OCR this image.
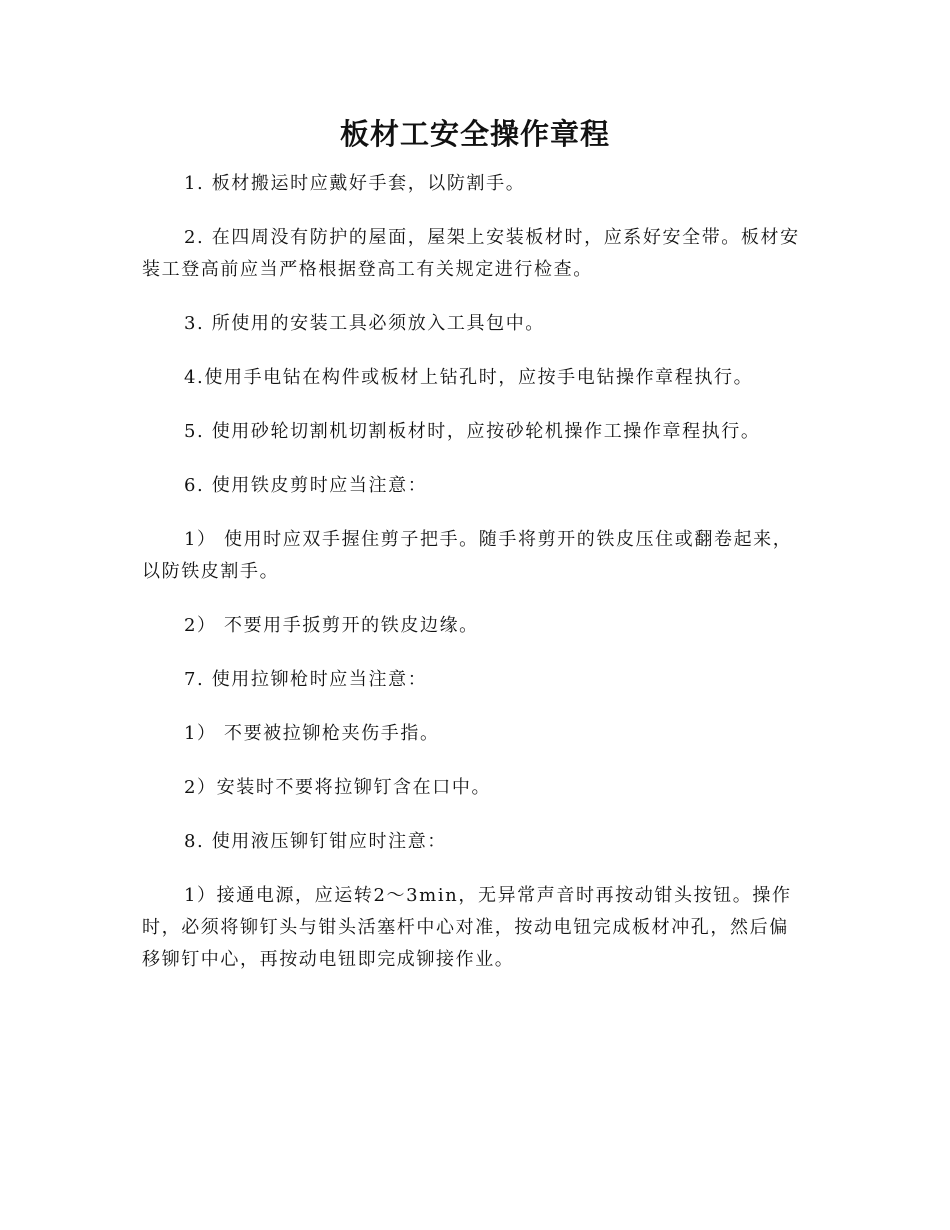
板材工安全操作章程

1. 板材搬运时应戴好手套，以防割手。

2. 在四周没有防护的屋面，屋架上安装板材时，应系好安全带。板材安装工登高前应当严格根据登高工有关规定进行检查。

3. 所使用的安装工具必须放入工具包中。

4.使用手电钻在构件或板材上钻孔时，应按手电钻操作章程执行。

5. 使用砂轮切割机切割板材时，应按砂轮机操作工操作章程执行。

6. 使用铁皮剪时应当注意：

1） 使用时应双手握住剪子把手。随手将剪开的铁皮压住或翻卷起来，以防铁皮割手。

2） 不要用手扳剪开的铁皮边缘。

7. 使用拉铆枪时应当注意：

1） 不要被拉铆枪夹伤手指。

2）安装时不要将拉铆钉含在口中。

8. 使用液压铆钉钳应时注意：

1）接通电源，应运转2～3min，无异常声音时再按动钳头按钮。操作时，必须将铆钉头与钳头活塞杆中心对准，按动电钮完成板材冲孔，然后偏移铆钉中心，再按动电钮即完成铆接作业。
